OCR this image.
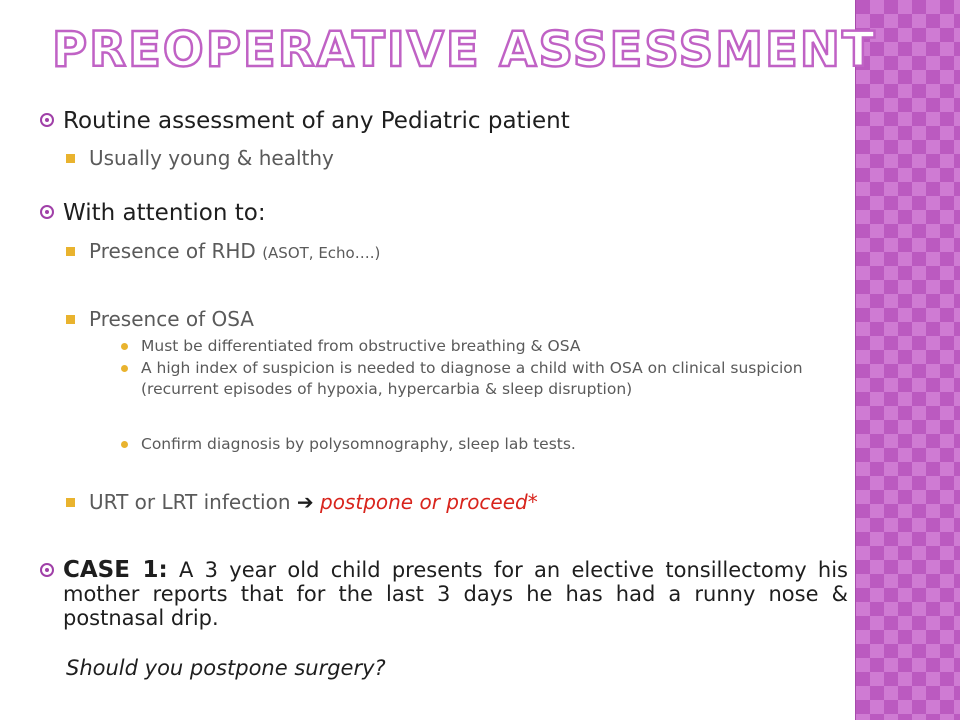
PREOPERATIVE ASSESSMENT
Routine assessment of any Pediatric patient
Usually young & healthy
With attention to:
Presence of RHD (ASOT, Echo….)
Presence of OSA
Must be differentiated from obstructive breathing & OSA
A high index of suspicion is needed to diagnose a child with OSA on clinical suspicion (recurrent episodes of hypoxia, hypercarbia & sleep disruption)
Confirm diagnosis by polysomnography, sleep lab tests.
URT or LRT infection ➔ postpone or proceed*
CASE 1: A 3 year old child presents for an elective tonsillectomy his mother reports that for the last 3 days he has had a runny nose & postnasal drip.
Should you postpone surgery?
